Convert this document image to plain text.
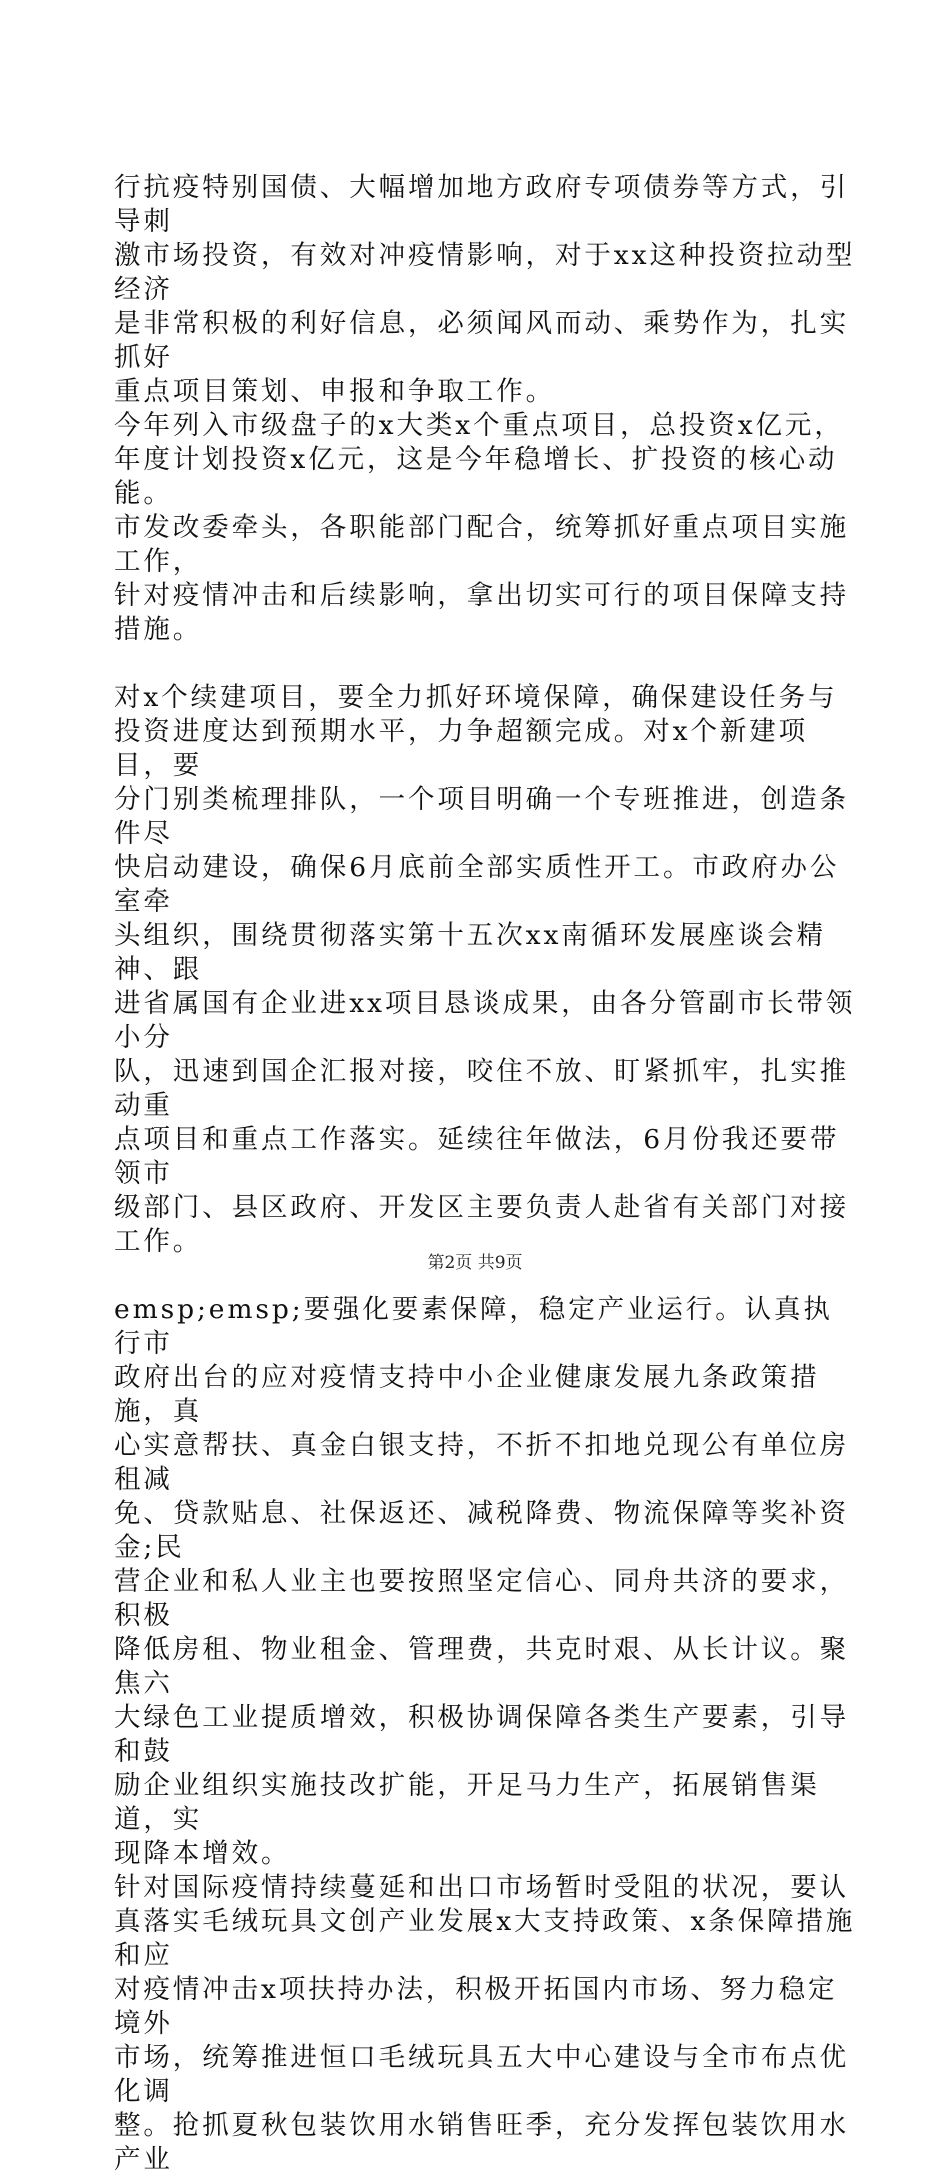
行抗疫特别国债、大幅增加地方政府专项债券等方式，引导刺
激市场投资，有效对冲疫情影响，对于xx这种投资拉动型经济
是非常积极的利好信息，必须闻风而动、乘势作为，扎实抓好
重点项目策划、申报和争取工作。

今年列入市级盘子的x大类x个重点项目，总投资x亿元，
年度计划投资x亿元，这是今年稳增长、扩投资的核心动能。
市发改委牵头，各职能部门配合，统筹抓好重点项目实施工作，
针对疫情冲击和后续影响，拿出切实可行的项目保障支持措施。

对x个续建项目，要全力抓好环境保障，确保建设任务与
投资进度达到预期水平，力争超额完成。对x个新建项目，要
分门别类梳理排队，一个项目明确一个专班推进，创造条件尽
快启动建设，确保6月底前全部实质性开工。市政府办公室牵
头组织，围绕贯彻落实第十五次xx南循环发展座谈会精神、跟
进省属国有企业进xx项目恳谈成果，由各分管副市长带领小分
队，迅速到国企汇报对接，咬住不放、盯紧抓牢，扎实推动重
点项目和重点工作落实。延续往年做法，6月份我还要带领市
级部门、县区政府、开发区主要负责人赴省有关部门对接工作。

emsp;emsp;要强化要素保障，稳定产业运行。认真执行市
政府出台的应对疫情支持中小企业健康发展九条政策措施，真
心实意帮扶、真金白银支持，不折不扣地兑现公有单位房租减
免、贷款贴息、社保返还、减税降费、物流保障等奖补资金;民
营企业和私人业主也要按照坚定信心、同舟共济的要求，积极
降低房租、物业租金、管理费，共克时艰、从长计议。聚焦六
大绿色工业提质增效，积极协调保障各类生产要素，引导和鼓
励企业组织实施技改扩能，开足马力生产，拓展销售渠道，实
现降本增效。

针对国际疫情持续蔓延和出口市场暂时受阻的状况，要认
真落实毛绒玩具文创产业发展x大支持政策、x条保障措施和应
对疫情冲击x项扶持办法，积极开拓国内市场、努力稳定境外
市场，统筹推进恒口毛绒玩具五大中心建设与全市布点优化调
整。抢抓夏秋包装饮用水销售旺季，充分发挥包装饮用水产业

第2页 共9页
